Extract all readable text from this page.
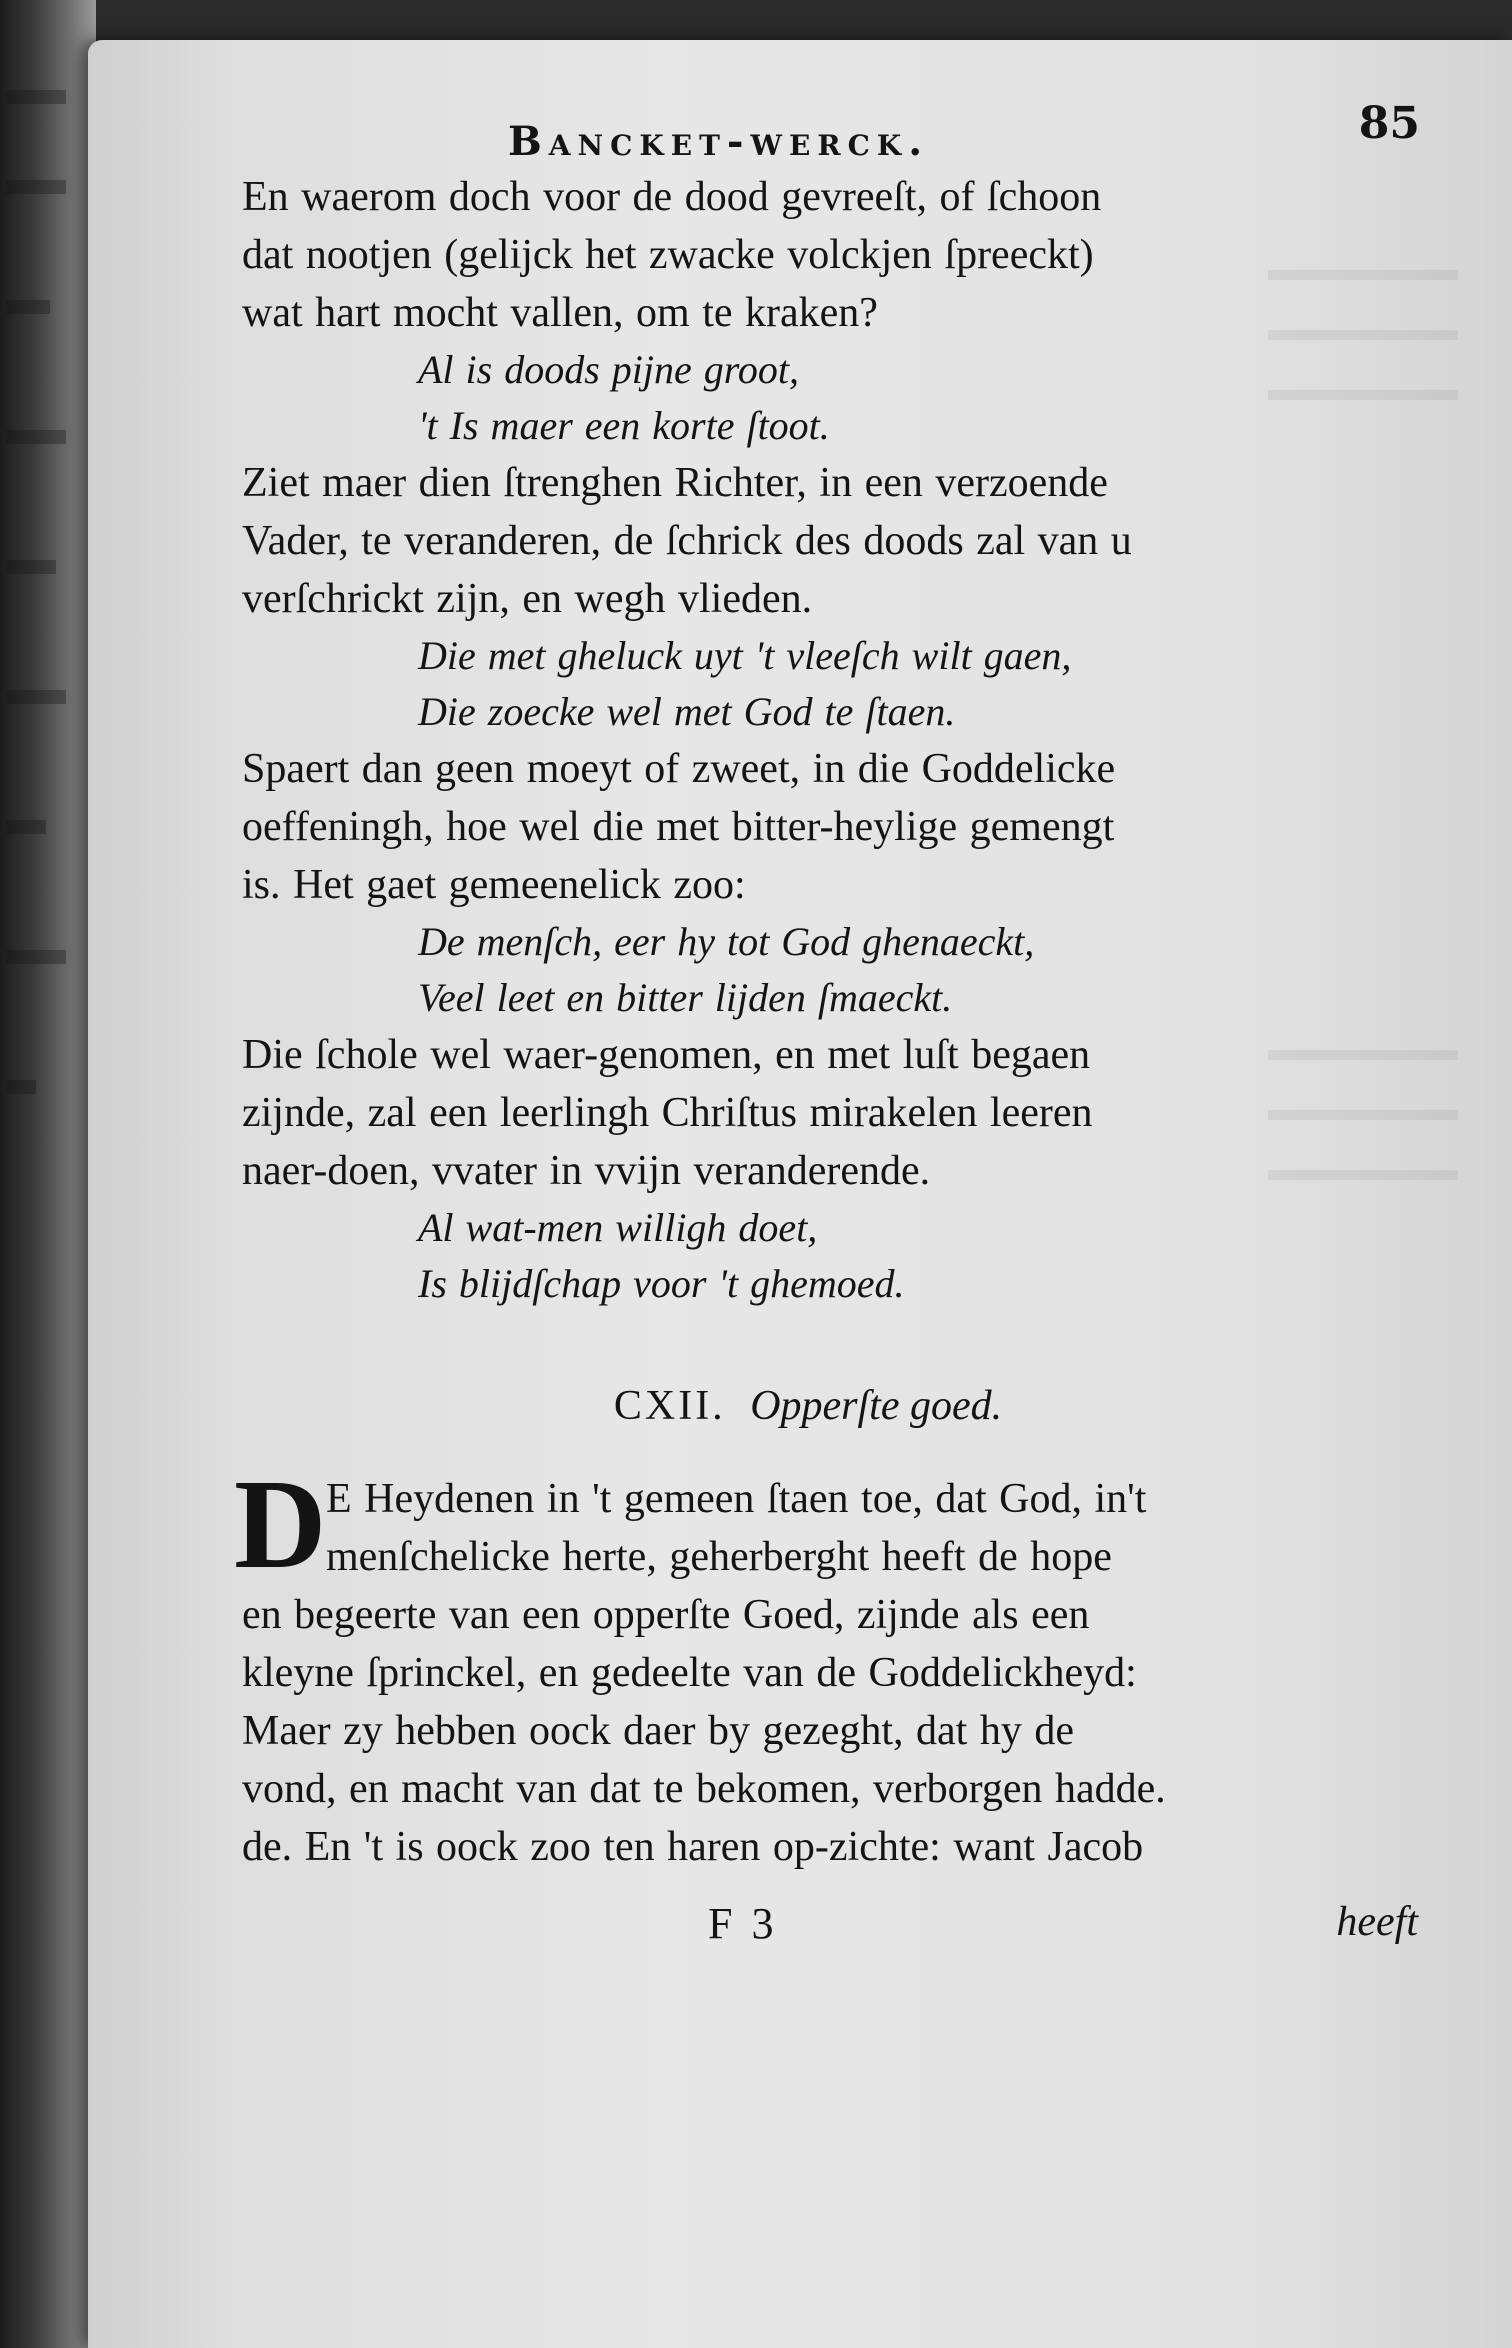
Banckeт-werck.	85
En waerom doch voor de dood gevreeſt, of ſchoon
dat nootjen (gelijck het zwacke volckjen ſpreeckt)
wat hart mocht vallen, om te kraken?
Al is doods pijne groot,
't Is maer een korte ſtoot.
Ziet maer dien ſtrenghen Richter, in een verzoende
Vader, te veranderen, de ſchrick des doods zal van u
verſchrickt zijn, en wegh vlieden.
Die met gheluck uyt 't vleeſch wilt gaen,
Die zoecke wel met God te ſtaen.
Spaert dan geen moeyt of zweet, in die Goddelicke
oeffeningh, hoe wel die met bitter-heylige gemengt
is. Het gaet gemeenelick zoo:
De menſch, eer hy tot God ghenaeckt,
Veel leet en bitter lijden ſmaeckt.
Die ſchole wel waer-genomen, en met luſt begaen
zijnde, zal een leerlingh Chriſtus mirakelen leeren
naer-doen, vvater in vvijn veranderende.
Al wat-men willigh doet,
Is blijdſchap voor 't ghemoed.
CXII. Opperſte goed.
D E Heydenen in 't gemeen ſtaen toe, dat God, in't
menſchelicke herte, geherberght heeft de hope
en begeerte van een opperſte Goed, zijnde als een
kleyne ſprinckel, en gedeelte van de Goddelickheyd:
Maer zy hebben oock daer by gezeght, dat hy de
vond, en macht van dat te bekomen, verborgen hadde.
de. En 't is oock zoo ten haren op-zichte: want Jacob
F 3	heeft
